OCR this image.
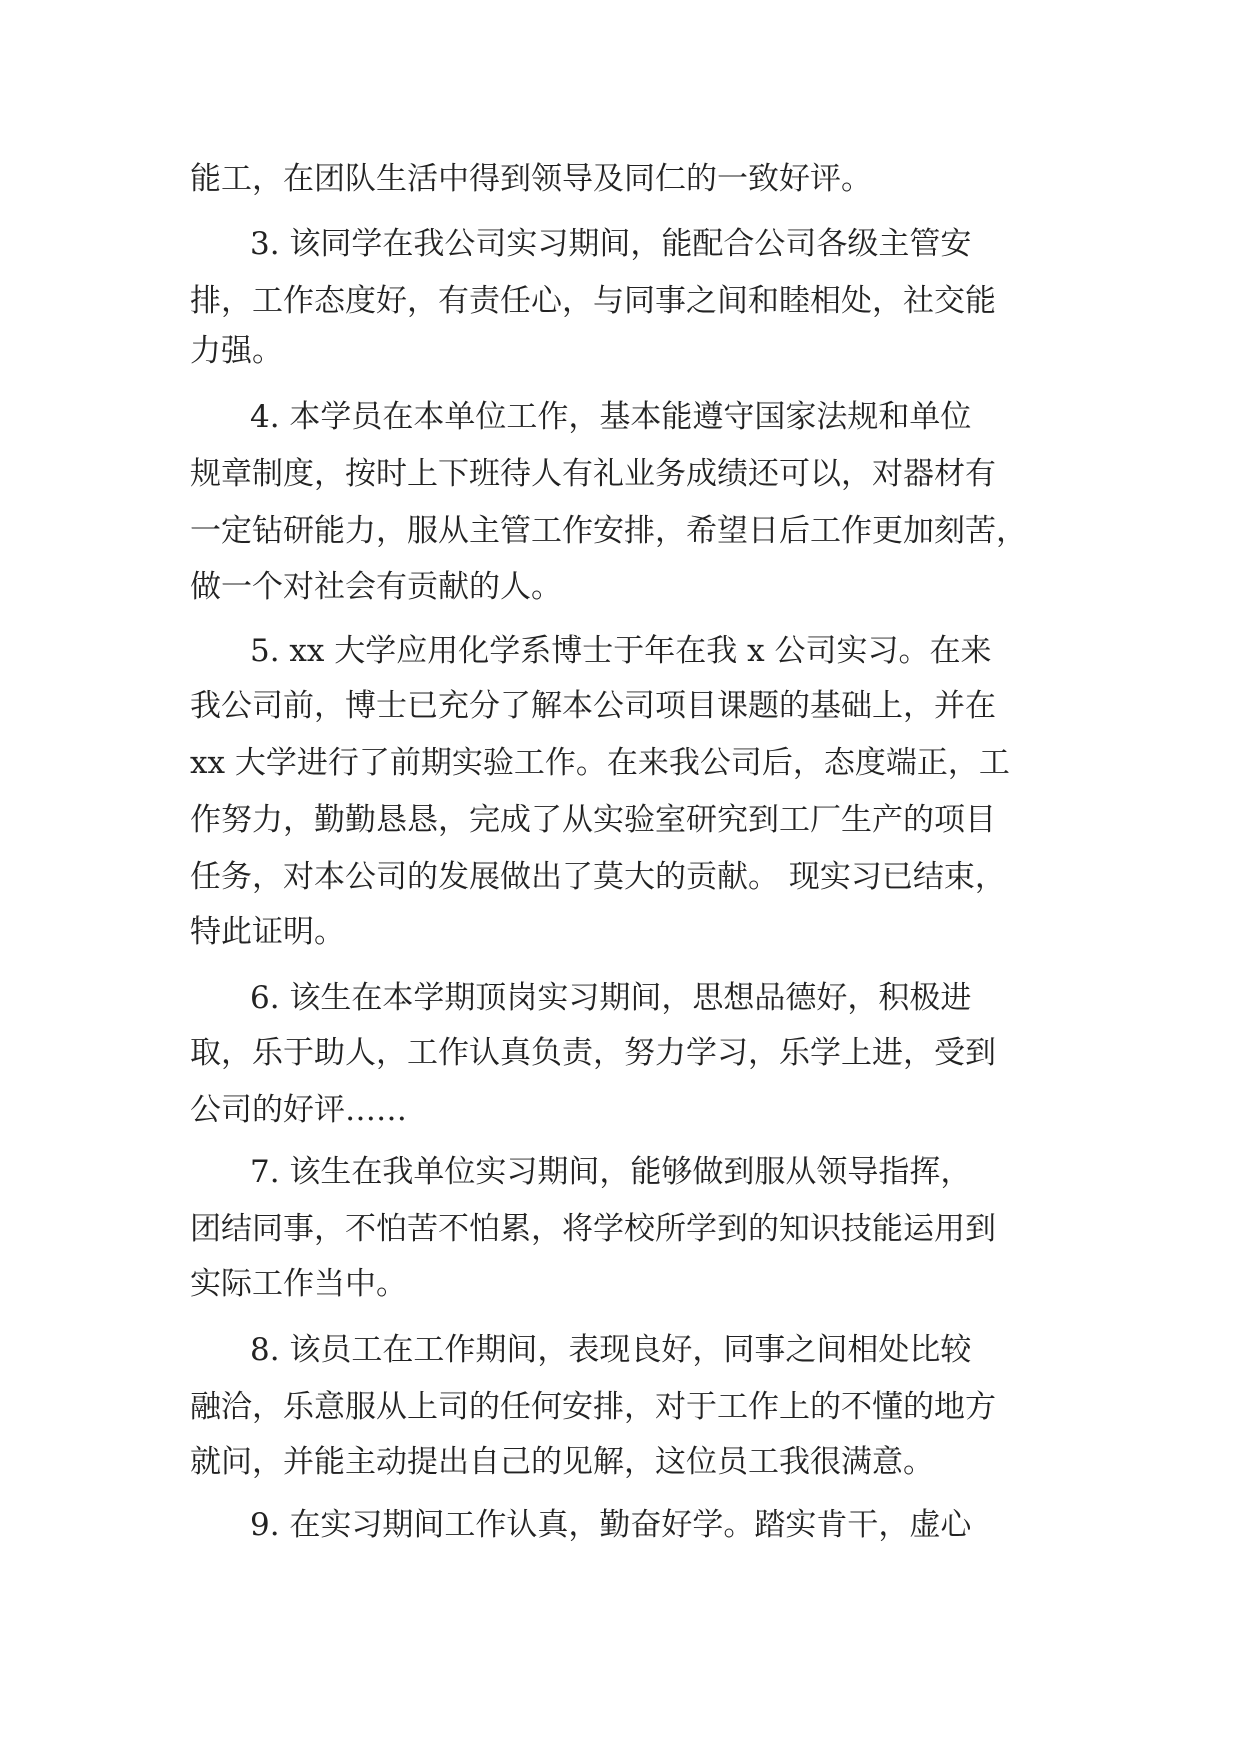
能工，在团队生活中得到领导及同仁的一致好评。
3. 该同学在我公司实习期间，能配合公司各级主管安
排，工作态度好，有责任心，与同事之间和睦相处，社交能
力强。
4. 本学员在本单位工作，基本能遵守国家法规和单位
规章制度，按时上下班待人有礼业务成绩还可以，对器材有
一定钻研能力，服从主管工作安排，希望日后工作更加刻苦，
做一个对社会有贡献的人。
5. xx 大学应用化学系博士于年在我 x 公司实习。在来
我公司前，博士已充分了解本公司项目课题的基础上，并在
xx 大学进行了前期实验工作。在来我公司后，态度端正，工
作努力，勤勤恳恳，完成了从实验室研究到工厂生产的项目
任务，对本公司的发展做出了莫大的贡献。 现实习已结束，
特此证明。
6. 该生在本学期顶岗实习期间，思想品德好，积极进
取，乐于助人，工作认真负责，努力学习，乐学上进，受到
公司的好评……
7. 该生在我单位实习期间，能够做到服从领导指挥，
团结同事，不怕苦不怕累，将学校所学到的知识技能运用到
实际工作当中。
8. 该员工在工作期间，表现良好，同事之间相处比较
融洽，乐意服从上司的任何安排，对于工作上的不懂的地方
就问，并能主动提出自己的见解，这位员工我很满意。
9. 在实习期间工作认真，勤奋好学。踏实肯干，虚心
